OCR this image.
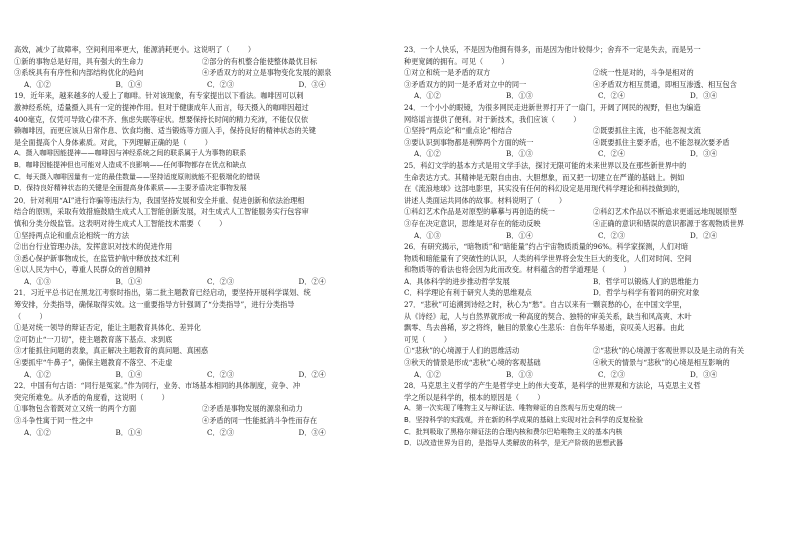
高效，减少了故障率，空间利用率更大，能源消耗更小。这说明了（        ）
①新的事物总是好用，具有强大的生命力	②部分的有机整合能使整体最优目标
③系统具有有序性和内部结构优化的趋向	④矛盾双方的对立是事物变化发展的源泉
A．①②	B．①④	C．②③	D．③④
19．近年来，越来越多的人爱上了咖啡。针对该现象，有专家提出以下看法。咖啡因可以刺
激神经系统，适量摄入具有一定的提神作用。但对于健康成年人而言，每天摄入的咖啡因超过
400毫克，仅凭可导致心律不齐、焦虑失眠等症状。想要保持长时间的精力充沛，不能仅仅依
赖咖啡因，而更应该从日常作息、饮食均衡、适当锻炼等方面入手，保持良好的精神状态的关键
是全面提高个人身体素质。对此，下列理解正确的是（        ）
A．摄入咖啡因能提神——咖啡因与神经系统之间的联系属于人为事物的联系
B．咖啡因能提神但也可能对人造成不良影响——任何事物都存在优点和缺点
C．每天摄入咖啡因量有一定的最佳数量——坚持适度原则就能不犯极端化的错误
D．保持良好精神状态的关键是全面提高身体素质——主要矛盾决定事物发展
20．针对利用“AI”进行诈骗等违法行为，我国坚持发展和安全并重、促进创新和依法治理相
结合的原则，采取有效措施鼓励生成式人工智能创新发展，对生成式人工智能服务实行包容审
慎和分类分级监管。这表明对待生成式人工智能技术需要（        ）
①坚持两点论和重点论相统一的方法
②出台行业管理办法，发挥意识对技术的促进作用
③悉心保护新事物成长，在监管护航中释放技术红利
④以人民为中心，尊重人民群众的首创精神
A．①③	B．①④	C．②③	D．②④
21．习近平总书记在黑龙江考察时指出，第二批主题教育已经启动，要坚持开展科学谋划、统
筹安排，分类指导，确保取得实效。这一重要指导方针强调了“分类指导”，进行分类指导
（        ）
①是对统一领导的辩证否定，能让主题教育具体化、差异化
②可防止“一刀切”，使主题教育落下基点、求到底
③才能抓住问题的表象，真正解决主题教育的真问题、真困惑
④要抓牢“牛鼻子”，确保主题教育不落空、不走虚
A．①②	B．①④	C．②③	D．②④
22．中国有句古语：“同行是冤家。”作为同行，业务、市场基本相同的具体制度，竞争、冲
突完所难免。从矛盾的角度看，这说明（        ）
①事物包含着既对立又统一的两个方面	②矛盾是事物发展的源泉和动力
③斗争性寓于同一性之中	④矛盾的同一性能抵消斗争性而存在
A．①②	B．①④	C．②③	D．③④
23．一个人快乐，不是因为他拥有得多，而是因为他计较得少；舍弃不一定是失去，而是另一
种更宽阔的拥有。可见（        ）
①对立和统一是矛盾的双方	②统一性是对的，斗争是相对的
③矛盾双方的同一是矛盾对立中的同一	④矛盾双方相互贯通，即相互渗透、相互包含
A．①②	B．①③	C．②④	D．③④
24．一个小小的眼镜，为很多网民走进新世界打开了一扇门，开阔了网民的视野，但也为编造
网络谣言提供了便利。对于新技术，我们应该（        ）
①坚持“两点论”和“重点论”相结合	②既要抓住主流，也不能忽视支流
③要认识到事物都是利弊两个方面的统一	④既要抓住主要矛盾，也不能忽视次要矛盾
A．①②	B．①③	C．②④	D．③④
25．科幻文学的基本方式是用文学手法，探讨无限可能的未来世界以及在那些新世界中的
生命表达方式。其精神是无限自由由、大胆想象，而又把一切建立在严谨的基础上。例如
在《流浪地球》这部电影里，其实没有任何的科幻设定是用现代科学理论和科技做到的，
讲述人类面运共同体的故事。材料说明了（        ）
①科幻艺术作品是对原型的摹摹与再创造的统一	②科幻艺术作品以不断追求更遥远地现展原型
③存在决定意识，思维是对存在的能动反映	④正确的意识和错误的意识都源于客观物质世界
A．①③	B．①④	C．②③	D．②④
26．有研究揭示，“暗物质”和“暗能量”约占宇宙物质质量的96%。科学家探测，人们对暗
物质和暗能量有了突破性的认识，人类的科学世界将会发生巨大的变化，人们对时间、空间
和物质等的看法也将会因为此而改变。材料蕴含的哲学道理是（        ）
A．具体科学的进步推动哲学发展	B．哲学可以锻炼人们的思维能力
C．科学理论有利于研究人类的思维观点	D．哲学与科学有着同的研究对象
27．“悲秋”可追溯到诗经之时，秋心为“愁”。自古以来有一颗哀愁的心，在中国文学里，
从《诗经》起，人与自然界就形成一种高度的契合、独特的审美关系，缺当和风高爽、木叶
飘零、鸟去兽稀，岁之将终，触目的景象心生悲乐：自伤年华易逝，哀叹美人迟暮。由此
可见（        ）
①“悲秋”的心境源于人们的思维活动	②“悲秋”的心境源于客观世界以及是主动的有关
③秋天的情景是形成“悲秋”心境的客观基础	④秋天的情景与“悲秋”的心境是相互影响的
A．①②	B．①③	C．②③	D．③④
28．马克思主义哲学的产生是哲学史上的伟大变革，是科学的世界观和方法论，马克思主义哲
学之所以是科学的，根本的原因是（        ）
A．第一次实现了唯物主义与辩证法、唯物辩证的自然观与历史观的统一
B．坚持科学的实践观，并在新的科学成果的基础上实现对社会科学的反复检验
C．批判吸取了黑格尔辩证法的合理内核和费尔巴哈唯物主义的基本内核
D．以改造世界为目的，是指导人类解放的科学，是无产阶级的思想武器
